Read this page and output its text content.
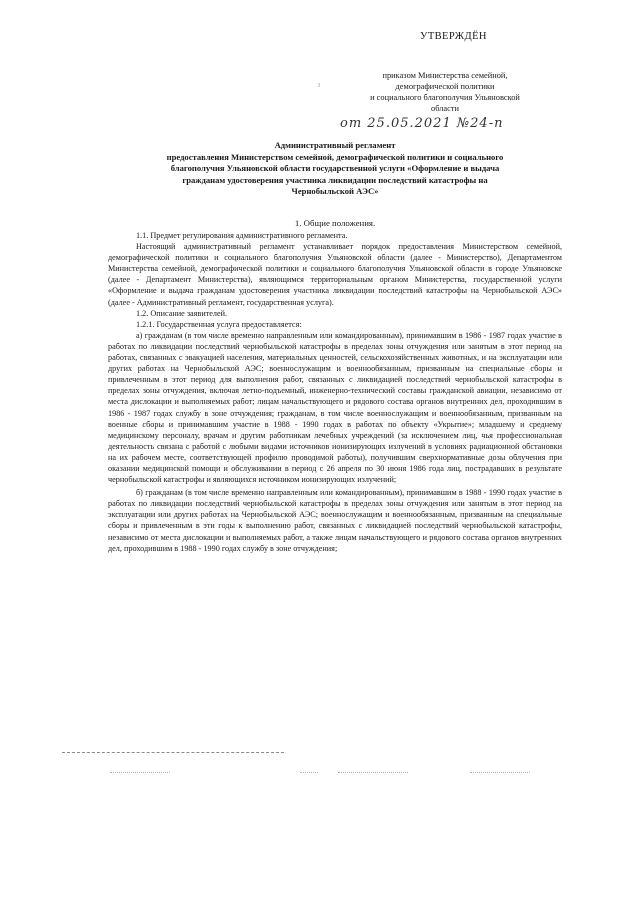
УТВЕРЖДЁН
приказом Министерства семейной,
демографической политики
и социального благополучия Ульяновской
области
от 25.05.2021 №24-п
ˀ
Административный регламент
предоставления Министерством семейной, демографической политики и социального
благополучия Ульяновской области государственной услуги «Оформление и выдача
гражданам удостоверения участника ликвидации последствий катастрофы на
Чернобыльской АЭС»
1. Общие положения.

1.1. Предмет регулирования административного регламента.

Настоящий административный регламент устанавливает порядок предоставления Министерством семейной, демографической политики и социального благополучия Ульяновской области (далее - Министерство), Департаментом Министерства семейной, демографической политики и социального благополучия Ульяновской области в городе Ульяновске (далее - Департамент Министерства), являющимся территориальным органом Министерства, государственной услуги «Оформление и выдача гражданам удостоверения участника ликвидации последствий катастрофы на Чернобыльской АЭС» (далее - Административный регламент, государственная услуга).

1.2. Описание заявителей.

1.2.1. Государственная услуга предоставляется:

а) гражданам (в том числе временно направленным или командированным), принимавшим в 1986 - 1987 годах участие в работах по ликвидации последствий чернобыльской катастрофы в пределах зоны отчуждения или занятым в этот период на работах, связанных с эвакуацией населения, материальных ценностей, сельскохозяйственных животных, и на эксплуатации или других работах на Чернобыльской АЭС; военнослужащим и военнообязанным, призванным на специальные сборы и привлеченным в этот период для выполнения работ, связанных с ликвидацией последствий чернобыльской катастрофы в пределах зоны отчуждения, включая летно-подъемный, инженерно-технический составы гражданской авиации, независимо от места дислокации и выполняемых работ; лицам начальствующего и рядового состава органов внутренних дел, проходившим в 1986 - 1987 годах службу в зоне отчуждения; гражданам, в том числе военнослужащим и военнообязанным, призванным на военные сборы и принимавшим участие в 1988 - 1990 годах в работах по объекту «Укрытие»; младшему и среднему медицинскому персоналу, врачам и другим работникам лечебных учреждений (за исключением лиц, чья профессиональная деятельность связана с работой с любыми видами источников ионизирующих излучений в условиях радиационной обстановки на их рабочем месте, соответствующей профилю проводимой работы), получившим сверхнормативные дозы облучения при оказании медицинской помощи и обслуживании в период с 26 апреля по 30 июня 1986 года лиц, пострадавших в результате чернобыльской катастрофы и являющихся источником ионизирующих излучений;

б) гражданам (в том числе временно направленным или командированным), принимавшим в 1988 - 1990 годах участие в работах по ликвидации последствий чернобыльской катастрофы в пределах зоны отчуждения или занятым в этот период на эксплуатации или других работах на Чернобыльской АЭС; военнослужащим и военнообязанным, призванным на специальные сборы и привлеченным в эти годы к выполнению работ, связанных с ликвидацией последствий чернобыльской катастрофы, независимо от места дислокации и выполняемых работ, а также лицам начальствующего и рядового состава органов внутренних дел, проходившим в 1988 - 1990 годах службу в зоне отчуждения;
